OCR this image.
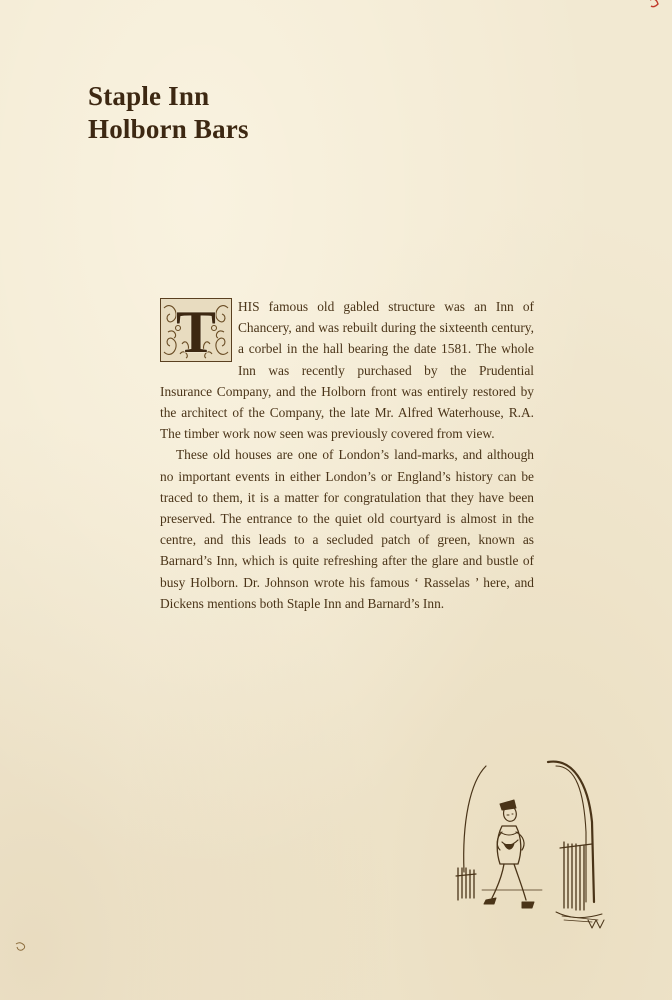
Staple Inn
Holborn Bars

T HIS famous old gabled structure was an Inn of Chancery, and was rebuilt during the sixteenth century, a corbel in the hall bearing the date 1581. The whole Inn was recently purchased by the Prudential Insurance Company, and the Holborn front was entirely restored by the architect of the Company, the late Mr. Alfred Waterhouse, R.A. The timber work now seen was previously covered from view.

These old houses are one of London’s land-marks, and although no important events in either London’s or England’s history can be traced to them, it is a matter for congratulation that they have been preserved. The entrance to the quiet old courtyard is almost in the centre, and this leads to a secluded patch of green, known as Barnard’s Inn, which is quite refreshing after the glare and bustle of busy Holborn. Dr. Johnson wrote his famous ‘ Rasselas ’ here, and Dickens mentions both Staple Inn and Barnard’s Inn.
